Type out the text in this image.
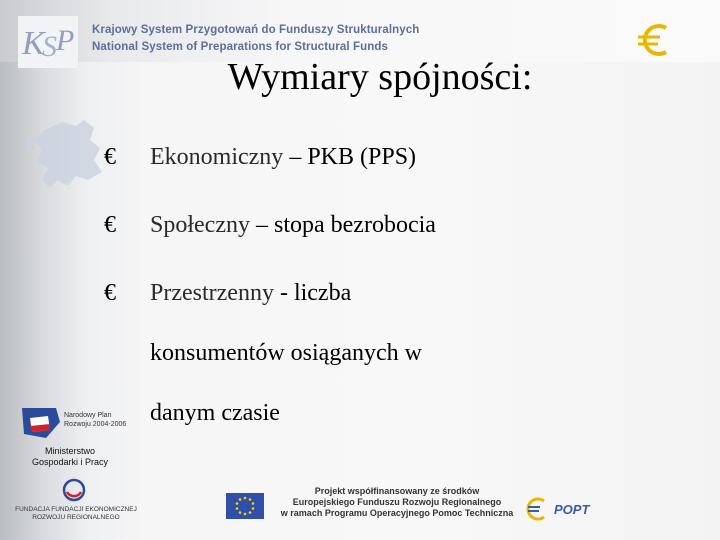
K
S P Krajowy System Przygotowań do Funduszy Strukturalnych
National System of Preparations for Structural Funds
Wymiary spójności:
€	Ekonomiczny – PKB (PPS)
€	Społeczny – stopa bezrobocia
€	Przestrzenny - liczba
konsumentów osiąganych w
danym czasie
Narodowy Plan Rozwoju 2004-2006
Ministerstwo
Gospodarki i Pracy
FUNDACJA FUNDACJI EKONOMICZNEJ ROZWOJU REGIONALNEGO
Projekt współfinansowany ze środków
Europejskiego Funduszu Rozwoju Regionalnego
w ramach Programu Operacyjnego Pomoc Techniczna	POPT
